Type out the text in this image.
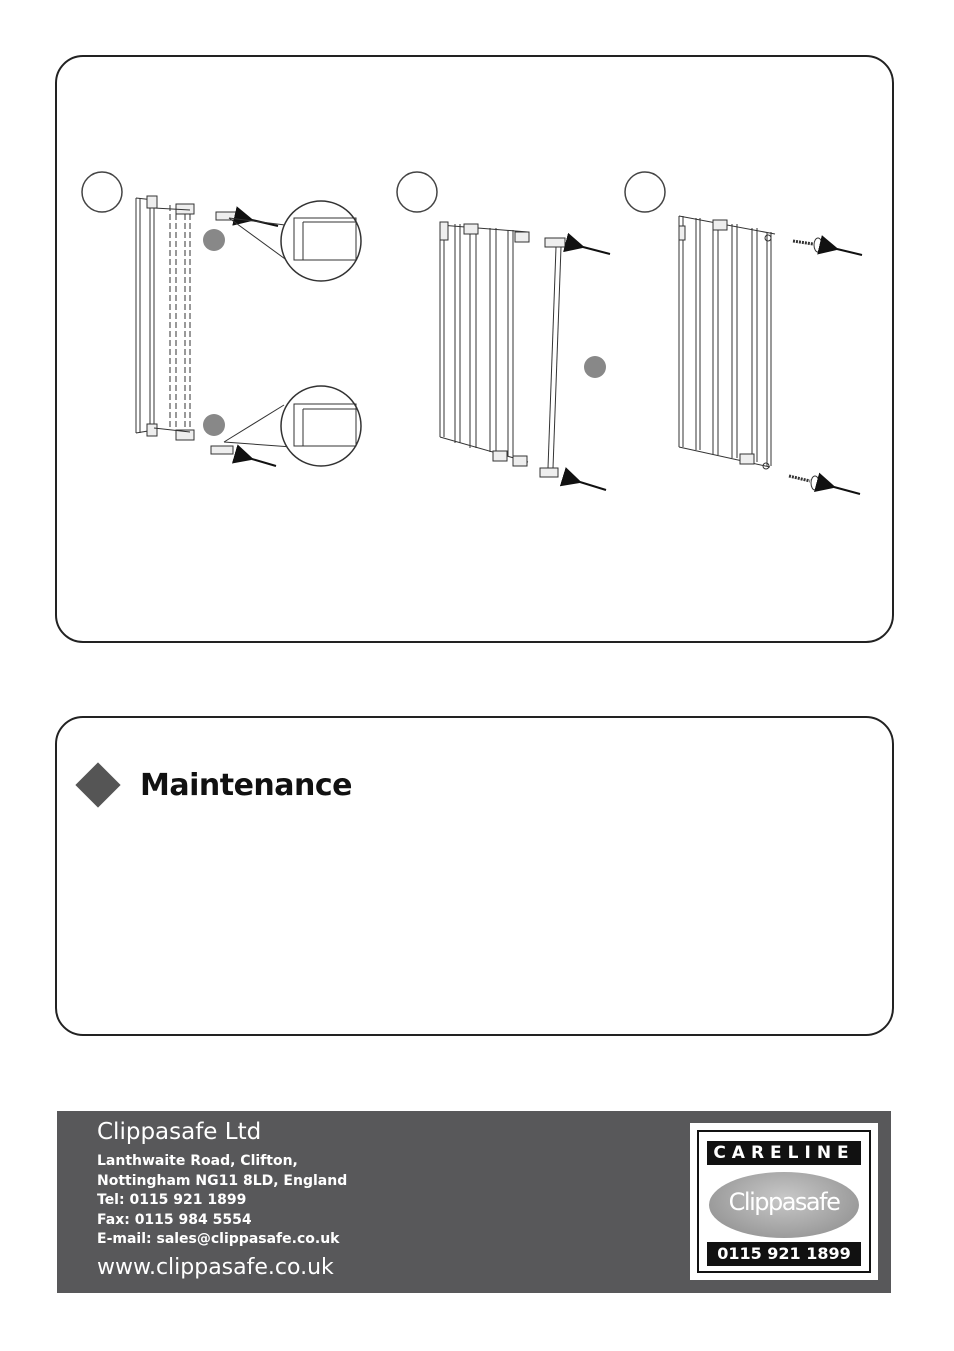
Maintenance
Clippasafe Ltd
Lanthwaite Road, Clifton,
Nottingham NG11 8LD, England
Tel: 0115 921 1899
Fax: 0115 984 5554
E-mail: sales@clippasafe.co.uk
www.clippasafe.co.uk
CARELINE
Clippasafe
0115 921 1899
